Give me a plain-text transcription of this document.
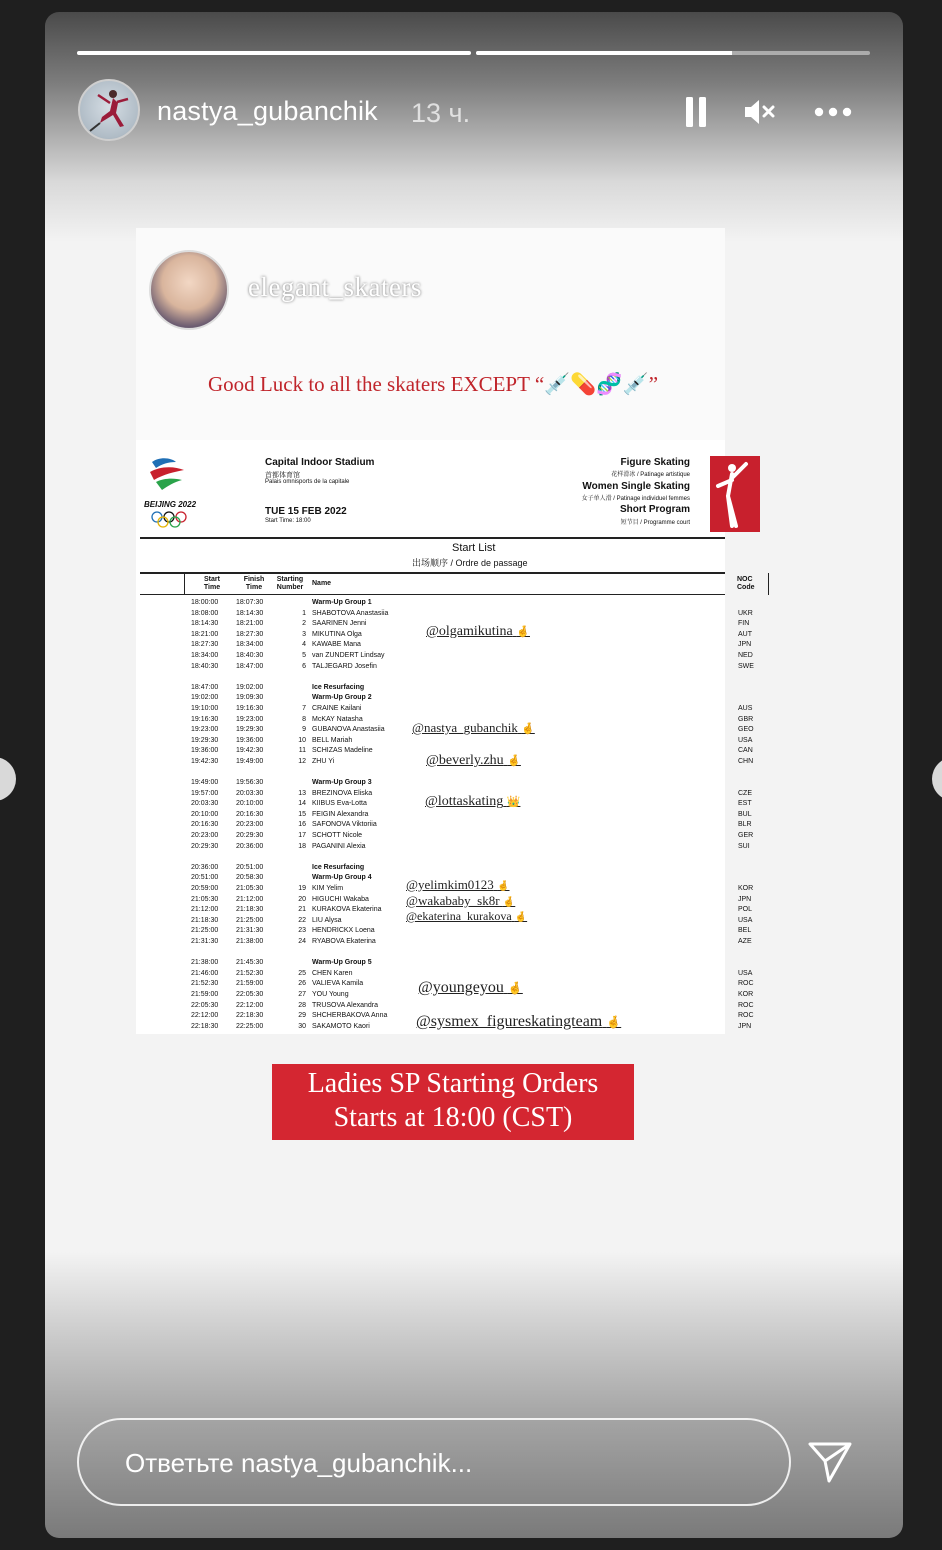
nastya_gubanchik 13 ч.
Ответьте nastya_gubanchik...
elegant_skaters
Good Luck to all the skaters EXCEPT “💉💊🧬💉”
BEIJING 2022
Capital Indoor Stadium
首都体育馆
Palais omnisports de la capitale
TUE 15 FEB 2022
Start Time: 18:00
Figure Skating
花样滑冰 / Patinage artistique
Women Single Skating
女子单人滑 / Patinage individuel femmes
Short Program
短节目 / Programme court
Start List
出场顺序 / Ordre de passage
Start Time
Finish Time
Starting Number
Name
NOC Code
18:00:00
18:08:00
18:14:30
18:21:00
18:27:30
18:34:00
18:40:30

18:47:00
19:02:00
19:10:00
19:16:30
19:23:00
19:29:30
19:36:00
19:42:30

19:49:00
19:57:00
20:03:30
20:10:00
20:16:30
20:23:00
20:29:30

20:36:00
20:51:00
20:59:00
21:05:30
21:12:00
21:18:30
21:25:00
21:31:30

21:38:00
21:46:00
21:52:30
21:59:00
22:05:30
22:12:00
22:18:30
18:07:30
18:14:30
18:21:00
18:27:30
18:34:00
18:40:30
18:47:00

19:02:00
19:09:30
19:16:30
19:23:00
19:29:30
19:36:00
19:42:30
19:49:00

19:56:30
20:03:30
20:10:00
20:16:30
20:23:00
20:29:30
20:36:00

20:51:00
20:58:30
21:05:30
21:12:00
21:18:30
21:25:00
21:31:30
21:38:00

21:45:30
21:52:30
21:59:00
22:05:30
22:12:00
22:18:30
22:25:00

1
2
3
4
5
6

7
8
9
10
11
12

13
14
15
16
17
18

19
20
21
22
23
24

25
26
27
28
29
30
Warm-Up Group 1
SHABOTOVA Anastasiia
SAARINEN Jenni
MIKUTINA Olga
KAWABE Mana
van ZUNDERT Lindsay
TALJEGARD Josefin

Ice Resurfacing
Warm-Up Group 2
CRAINE Kailani
McKAY Natasha
GUBANOVA Anastasiia
BELL Mariah
SCHIZAS Madeline
ZHU Yi

Warm-Up Group 3
BREZINOVA Eliska
KIIBUS Eva-Lotta
FEIGIN Alexandra
SAFONOVA Viktoriia
SCHOTT Nicole
PAGANINI Alexia

Ice Resurfacing
Warm-Up Group 4
KIM Yelim
HIGUCHI Wakaba
KURAKOVA Ekaterina
LIU Alysa
HENDRICKX Loena
RYABOVA Ekaterina

Warm-Up Group 5
CHEN Karen
VALIEVA Kamila
YOU Young
TRUSOVA Alexandra
SHCHERBAKOVA Anna
SAKAMOTO Kaori

UKR
FIN
AUT
JPN
NED
SWE

AUS
GBR
GEO
USA
CAN
CHN

CZE
EST
BUL
BLR
GER
SUI

KOR
JPN
POL
USA
BEL
AZE

USA
ROC
KOR
ROC
ROC
JPN
@olgamikutina 🤞
@nastya_gubanchik 🤞
@beverly.zhu 🤞
@lottaskating 👑
@yelimkim0123 🤞
@wakababy_sk8r 🤞
@ekaterina_kurakova 🤞
@youngeyou 🤞
@sysmex_figureskatingteam 🤞
Ladies SP Starting Orders
Starts at 18:00 (CST)
